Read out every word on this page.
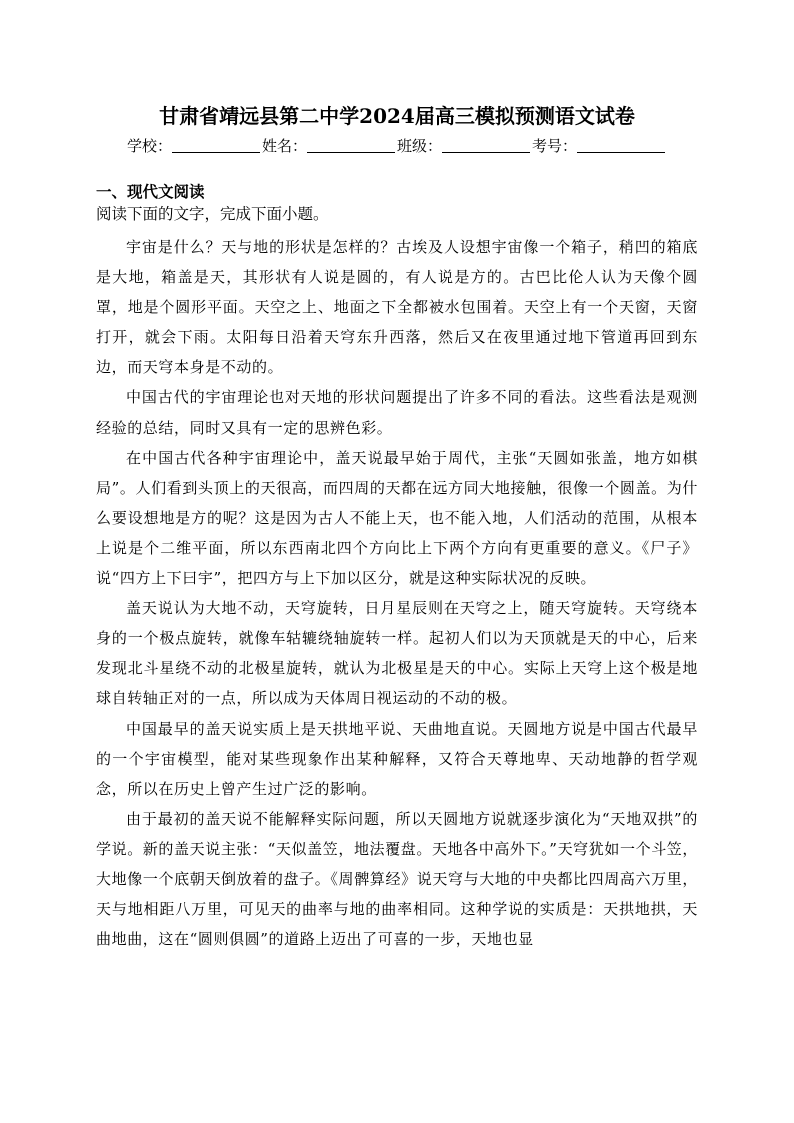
甘肃省靖远县第二中学2024届高三模拟预测语文试卷
学校：	姓名：	班级：	考号：
一、现代文阅读
阅读下面的文字，完成下面小题。

宇宙是什么？天与地的形状是怎样的？古埃及人设想宇宙像一个箱子，稍凹的箱底是大地，箱盖是天，其形状有人说是圆的，有人说是方的。古巴比伦人认为天像个圆罩，地是个圆形平面。天空之上、地面之下全都被水包围着。天空上有一个天窗，天窗打开，就会下雨。太阳每日沿着天穹东升西落，然后又在夜里通过地下管道再回到东边，而天穹本身是不动的。

中国古代的宇宙理论也对天地的形状问题提出了许多不同的看法。这些看法是观测经验的总结，同时又具有一定的思辨色彩。

在中国古代各种宇宙理论中，盖天说最早始于周代，主张“天圆如张盖，地方如棋局”。人们看到头顶上的天很高，而四周的天都在远方同大地接触，很像一个圆盖。为什么要设想地是方的呢？这是因为古人不能上天，也不能入地，人们活动的范围，从根本上说是个二维平面，所以东西南北四个方向比上下两个方向有更重要的意义。《尸子》说“四方上下曰宇”，把四方与上下加以区分，就是这种实际状况的反映。

盖天说认为大地不动，天穹旋转，日月星辰则在天穹之上，随天穹旋转。天穹绕本身的一个极点旋转，就像车轱辘绕轴旋转一样。起初人们以为天顶就是天的中心，后来发现北斗星绕不动的北极星旋转，就认为北极星是天的中心。实际上天穹上这个极是地球自转轴正对的一点，所以成为天体周日视运动的不动的极。

中国最早的盖天说实质上是天拱地平说、天曲地直说。天圆地方说是中国古代最早的一个宇宙模型，能对某些现象作出某种解释，又符合天尊地卑、天动地静的哲学观念，所以在历史上曾产生过广泛的影响。

由于最初的盖天说不能解释实际问题，所以天圆地方说就逐步演化为“天地双拱”的学说。新的盖天说主张：“天似盖笠，地法覆盘。天地各中高外下。”天穹犹如一个斗笠，大地像一个底朝天倒放着的盘子。《周髀算经》说天穹与大地的中央都比四周高六万里，天与地相距八万里，可见天的曲率与地的曲率相同。这种学说的实质是：天拱地拱，天曲地曲，这在“圆则俱圆”的道路上迈出了可喜的一步，天地也显
